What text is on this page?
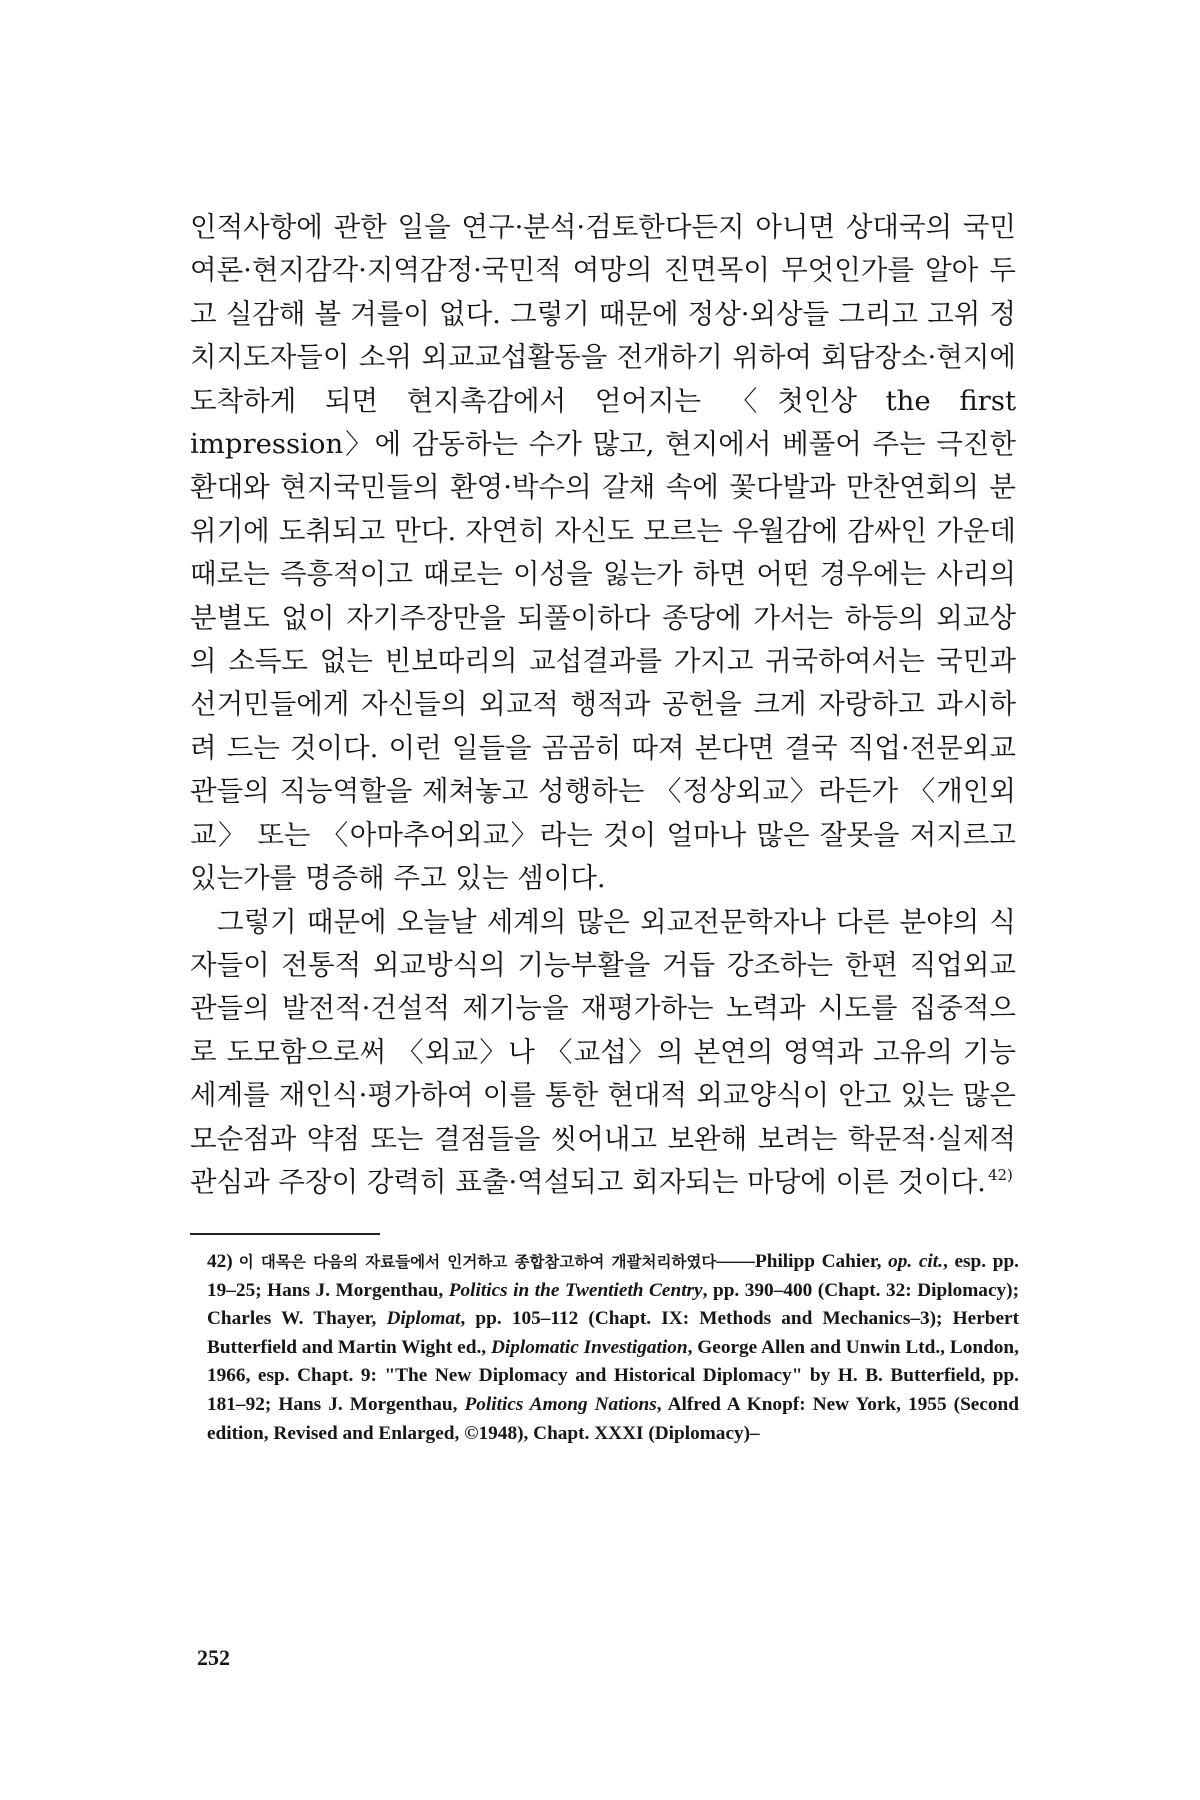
인적사항에 관한 일을 연구·분석·검토한다든지 아니면 상대국의 국민 여론·현지감각·지역감정·국민적 여망의 진면목이 무엇인가를 알아 두고 실감해 볼 겨를이 없다. 그렇기 때문에 정상·외상들 그리고 고위 정치지도자들이 소위 외교교섭활동을 전개하기 위하여 회담장소·현지에 도착하게 되면 현지촉감에서 얻어지는 〈첫인상 the first impression〉에 감동하는 수가 많고, 현지에서 베풀어 주는 극진한 환대와 현지국민들의 환영·박수의 갈채 속에 꽃다발과 만찬연회의 분위기에 도취되고 만다. 자연히 자신도 모르는 우월감에 감싸인 가운데 때로는 즉흥적이고 때로는 이성을 잃는가 하면 어떤 경우에는 사리의 분별도 없이 자기주장만을 되풀이하다 종당에 가서는 하등의 외교상의 소득도 없는 빈보따리의 교섭결과를 가지고 귀국하여서는 국민과 선거민들에게 자신들의 외교적 행적과 공헌을 크게 자랑하고 과시하려 드는 것이다. 이런 일들을 곰곰히 따져 본다면 결국 직업·전문외교관들의 직능역할을 제쳐놓고 성행하는 〈정상외교〉라든가 〈개인외교〉 또는 〈아마추어외교〉라는 것이 얼마나 많은 잘못을 저지르고 있는가를 명증해 주고 있는 셈이다.

그렇기 때문에 오늘날 세계의 많은 외교전문학자나 다른 분야의 식자들이 전통적 외교방식의 기능부활을 거듭 강조하는 한편 직업외교관들의 발전적·건설적 제기능을 재평가하는 노력과 시도를 집중적으로 도모함으로써 〈외교〉나 〈교섭〉의 본연의 영역과 고유의 기능 세계를 재인식·평가하여 이를 통한 현대적 외교양식이 안고 있는 많은 모순점과 약점 또는 결점들을 씻어내고 보완해 보려는 학문적·실제적 관심과 주장이 강력히 표출·역설되고 회자되는 마당에 이른 것이다. $^{42)}$

42) 이 대목은 다음의 자료들에서 인거하고 종합참고하여 개괄처리하였다——Philipp Cahier, op. cit., esp. pp. 19–25; Hans J. Morgenthau, Politics in the Twentieth Centry, pp. 390–400 (Chapt. 32: Diplomacy); Charles W. Thayer, Diplomat, pp. 105–112 (Chapt. IX: Methods and Mechanics–3); Herbert Butterfield and Martin Wight ed., Diplomatic Investigation, George Allen and Unwin Ltd., London, 1966, esp. Chapt. 9: "The New Diplomacy and Historical Diplomacy" by H. B. Butterfield, pp. 181–92; Hans J. Morgenthau, Politics Among Nations, Alfred A Knopf: New York, 1955 (Second edition, Revised and Enlarged, ©1948), Chapt. XXXI (Diplomacy)–

252
